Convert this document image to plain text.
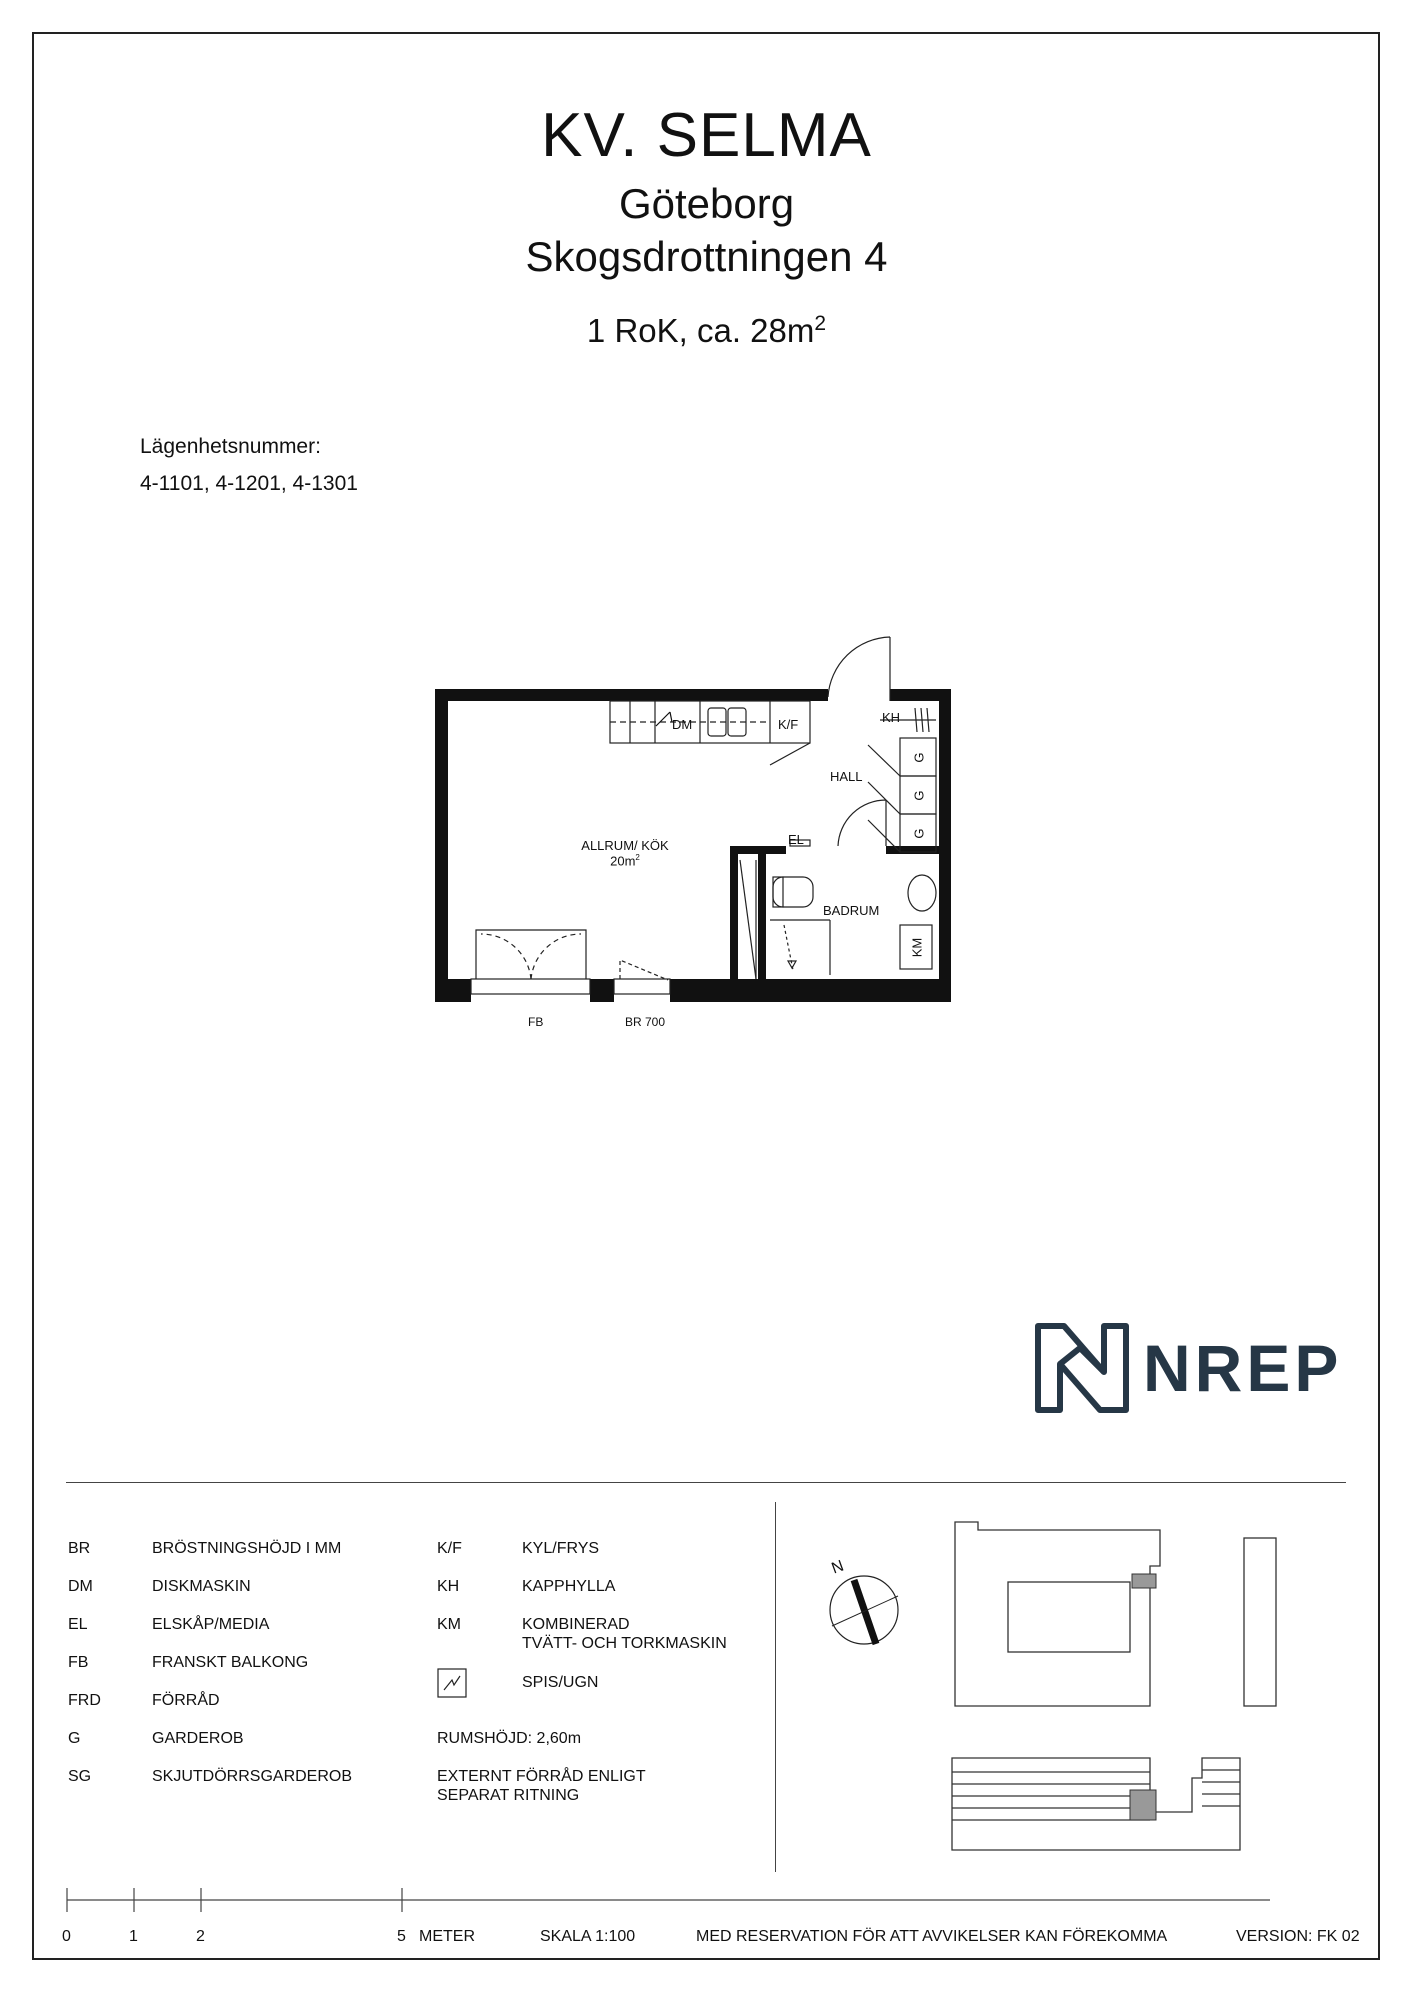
KV. SELMA
Göteborg
Skogsdrottningen 4
1 RoK, ca. $28m^2$
Lägenhetsnummer:
4-1101, 4-1201, 4-1301
DM	K/F	KH
HALL
ALLRUM/ KÖK
$20m^2$
EL
BADRUM
KM
G
G
G
FB	BR 700
NREP
BR	BRÖSTNINGSHÖJD I MM
DM	DISKMASKIN
EL	ELSKÅP/MEDIA
FB	FRANSKT BALKONG
FRD	FÖRRÅD
G	GARDEROB
SG	SKJUTDÖRRSGARDEROB
K/F	KYL/FRYS
KH	KAPPHYLLA
KM	KOMBINERAD
TVÄTT- OCH TORKMASKIN
SPIS/UGN
RUMSHÖJD: 2,60m
EXTERNT FÖRRÅD ENLIGT
SEPARAT RITNING
N
0	1	2	5 METER	SKALA 1:100	MED RESERVATION FÖR ATT AVVIKELSER KAN FÖREKOMMA	VERSION: FK 02
